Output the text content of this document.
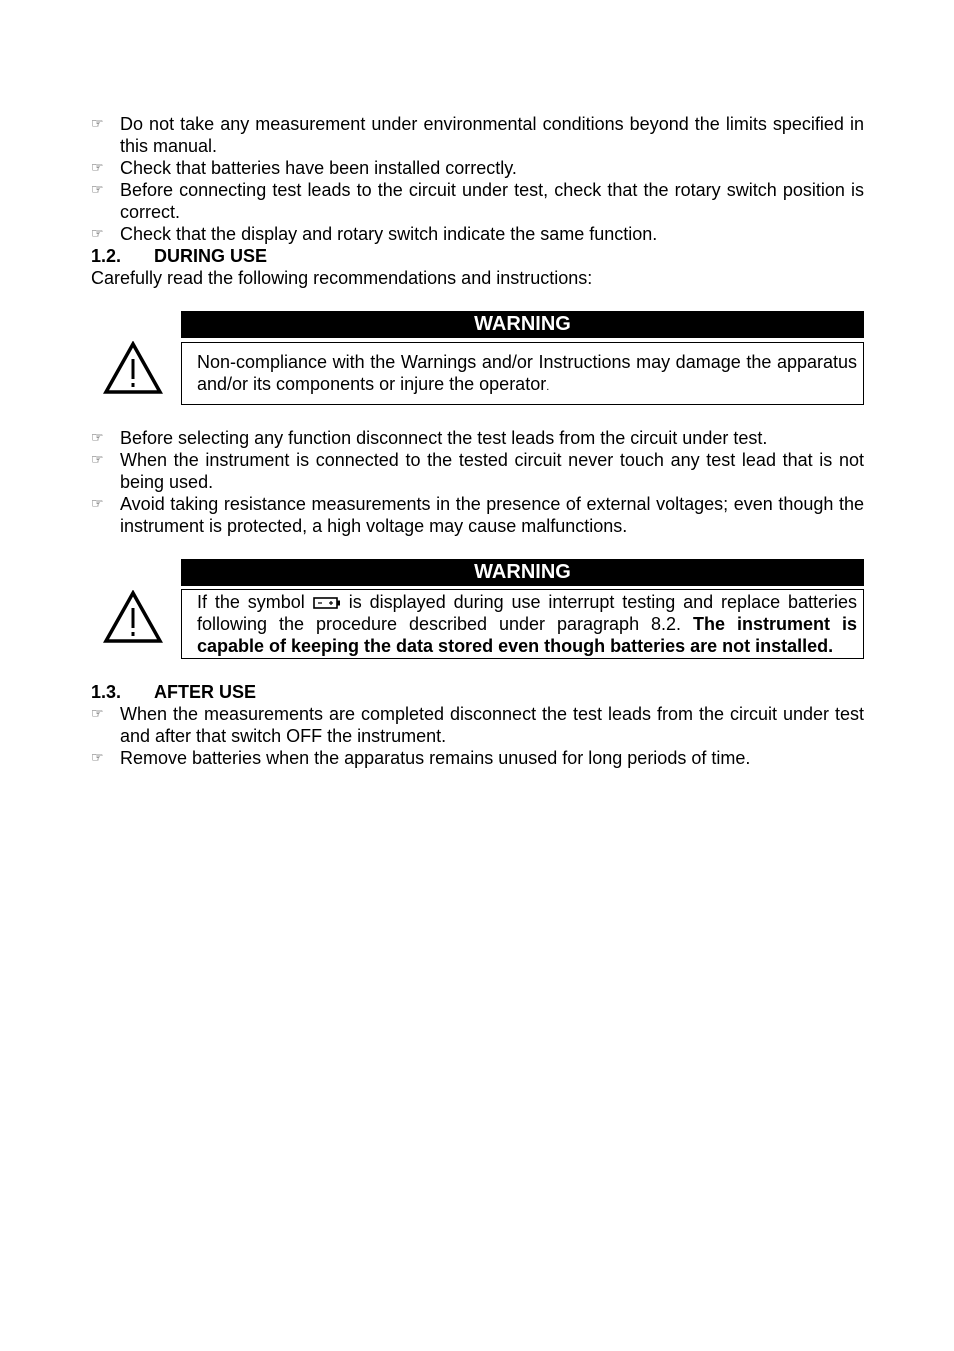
☞ Do not take any measurement under environmental conditions beyond the limits specified in this manual.
☞ Check that batteries have been installed correctly.
☞ Before connecting test leads to the circuit under test, check that the rotary switch position is correct.
☞ Check that the display and rotary switch indicate the same function.
1.2.	DURING USE

Carefully read the following recommendations and instructions:

WARNING
Non-compliance with the Warnings and/or Instructions may damage the apparatus and/or its components or injure the operator.
☞ Before selecting any function disconnect the test leads from the circuit under test.
☞ When the instrument is connected to the tested circuit never touch any test lead that is not being used.
☞ Avoid taking resistance measurements in the presence of external voltages; even though the instrument is protected, a high voltage may cause malfunctions.
WARNING
If the symbol is displayed during use interrupt testing and replace batteries following the procedure described under paragraph 8.2. The instrument is capable of keeping the data stored even though batteries are not installed.
1.3.	AFTER USE
☞ When the measurements are completed disconnect the test leads from the circuit under test and after that switch OFF the instrument.
☞ Remove batteries when the apparatus remains unused for long periods of time.
